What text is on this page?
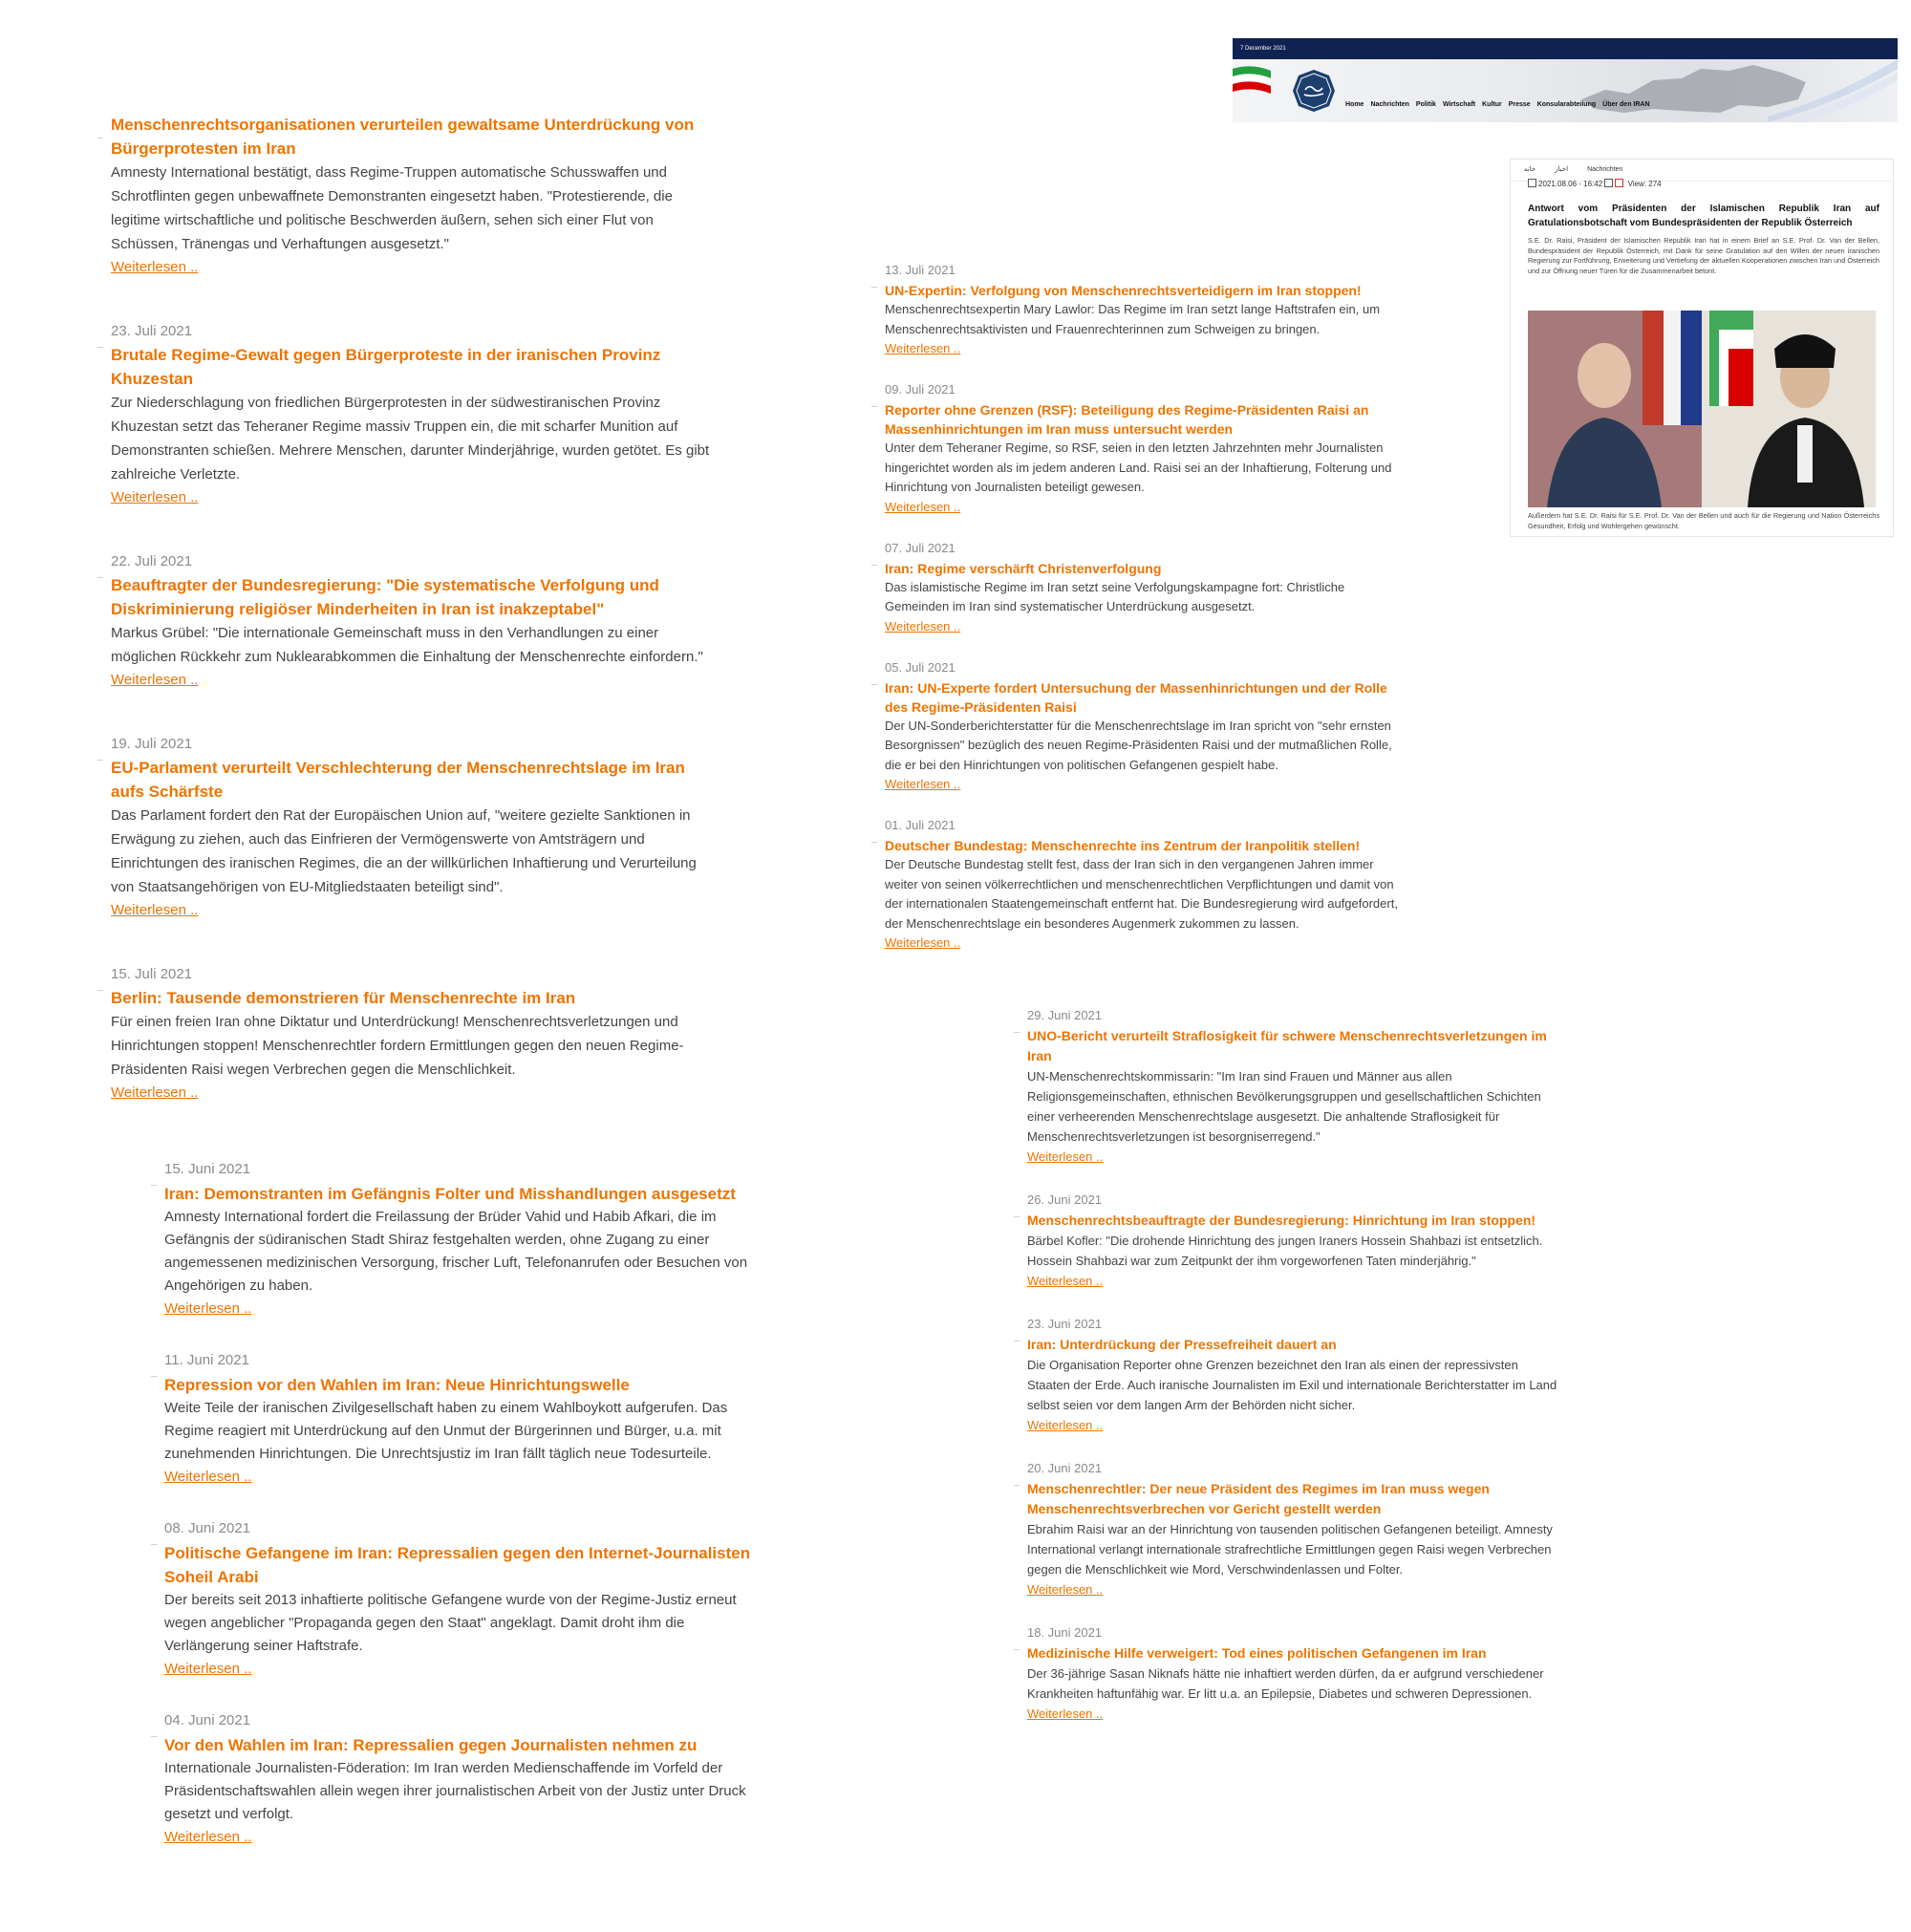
Menschenrechtsorganisationen verurteilen gewaltsame Unterdrückung von Bürgerprotesten im Iran
Amnesty International bestätigt, dass Regime-Truppen automatische Schusswaffen und Schrotflinten gegen unbewaffnete Demonstranten eingesetzt haben. "Protestierende, die legitime wirtschaftliche und politische Beschwerden äußern, sehen sich einer Flut von Schüssen, Tränengas und Verhaftungen ausgesetzt."
Weiterlesen ..
23. Juli 2021
Brutale Regime-Gewalt gegen Bürgerproteste in der iranischen Provinz Khuzestan
Zur Niederschlagung von friedlichen Bürgerprotesten in der südwestiranischen Provinz Khuzestan setzt das Teheraner Regime massiv Truppen ein, die mit scharfer Munition auf Demonstranten schießen. Mehrere Menschen, darunter Minderjährige, wurden getötet. Es gibt zahlreiche Verletzte.
Weiterlesen ..
22. Juli 2021
Beauftragter der Bundesregierung: "Die systematische Verfolgung und Diskriminierung religiöser Minderheiten in Iran ist inakzeptabel"
Markus Grübel: "Die internationale Gemeinschaft muss in den Verhandlungen zu einer möglichen Rückkehr zum Nuklearabkommen die Einhaltung der Menschenrechte einfordern."
Weiterlesen ..
19. Juli 2021
EU-Parlament verurteilt Verschlechterung der Menschenrechtslage im Iran aufs Schärfste
Das Parlament fordert den Rat der Europäischen Union auf, "weitere gezielte Sanktionen in Erwägung zu ziehen, auch das Einfrieren der Vermögenswerte von Amtsträgern und Einrichtungen des iranischen Regimes, die an der willkürlichen Inhaftierung und Verurteilung von Staatsangehörigen von EU-Mitgliedstaaten beteiligt sind".
Weiterlesen ..
15. Juli 2021
Berlin: Tausende demonstrieren für Menschenrechte im Iran
Für einen freien Iran ohne Diktatur und Unterdrückung! Menschenrechtsverletzungen und Hinrichtungen stoppen! Menschenrechtler fordern Ermittlungen gegen den neuen Regime-Präsidenten Raisi wegen Verbrechen gegen die Menschlichkeit.
Weiterlesen ..
13. Juli 2021
UN-Expertin: Verfolgung von Menschenrechtsverteidigern im Iran stoppen!
Menschenrechtsexpertin Mary Lawlor: Das Regime im Iran setzt lange Haftstrafen ein, um Menschenrechtsaktivisten und Frauenrechterinnen zum Schweigen zu bringen.
Weiterlesen ..
09. Juli 2021
Reporter ohne Grenzen (RSF): Beteiligung des Regime-Präsidenten Raisi an Massenhinrichtungen im Iran muss untersucht werden
Unter dem Teheraner Regime, so RSF, seien in den letzten Jahrzehnten mehr Journalisten hingerichtet worden als im jedem anderen Land. Raisi sei an der Inhaftierung, Folterung und Hinrichtung von Journalisten beteiligt gewesen.
Weiterlesen ..
07. Juli 2021
Iran: Regime verschärft Christenverfolgung
Das islamistische Regime im Iran setzt seine Verfolgungskampagne fort: Christliche Gemeinden im Iran sind systematischer Unterdrückung ausgesetzt.
Weiterlesen ..
05. Juli 2021
Iran: UN-Experte fordert Untersuchung der Massenhinrichtungen und der Rolle des Regime-Präsidenten Raisi
Der UN-Sonderberichterstatter für die Menschenrechtslage im Iran spricht von "sehr ernsten Besorgnissen" bezüglich des neuen Regime-Präsidenten Raisi und der mutmaßlichen Rolle, die er bei den Hinrichtungen von politischen Gefangenen gespielt habe.
Weiterlesen ..
01. Juli 2021
Deutscher Bundestag: Menschenrechte ins Zentrum der Iranpolitik stellen!
Der Deutsche Bundestag stellt fest, dass der Iran sich in den vergangenen Jahren immer weiter von seinen völkerrechtlichen und menschenrechtlichen Verpflichtungen und damit von der internationalen Staatengemeinschaft entfernt hat. Die Bundesregierung wird aufgefordert, der Menschenrechtslage ein besonderes Augenmerk zukommen zu lassen.
Weiterlesen ..
15. Juni 2021
Iran: Demonstranten im Gefängnis Folter und Misshandlungen ausgesetzt
Amnesty International fordert die Freilassung der Brüder Vahid und Habib Afkari, die im Gefängnis der südiranischen Stadt Shiraz festgehalten werden, ohne Zugang zu einer angemessenen medizinischen Versorgung, frischer Luft, Telefonanrufen oder Besuchen von Angehörigen zu haben.
Weiterlesen ..
11. Juni 2021
Repression vor den Wahlen im Iran: Neue Hinrichtungswelle
Weite Teile der iranischen Zivilgesellschaft haben zu einem Wahlboykott aufgerufen. Das Regime reagiert mit Unterdrückung auf den Unmut der Bürgerinnen und Bürger, u.a. mit zunehmenden Hinrichtungen. Die Unrechtsjustiz im Iran fällt täglich neue Todesurteile.
Weiterlesen ..
08. Juni 2021
Politische Gefangene im Iran: Repressalien gegen den Internet-Journalisten Soheil Arabi
Der bereits seit 2013 inhaftierte politische Gefangene wurde von der Regime-Justiz erneut wegen angeblicher "Propaganda gegen den Staat" angeklagt. Damit droht ihm die Verlängerung seiner Haftstrafe.
Weiterlesen ..
04. Juni 2021
Vor den Wahlen im Iran: Repressalien gegen Journalisten nehmen zu
Internationale Journalisten-Föderation: Im Iran werden Medienschaffende im Vorfeld der Präsidentschaftswahlen allein wegen ihrer journalistischen Arbeit von der Justiz unter Druck gesetzt und verfolgt.
Weiterlesen ..
29. Juni 2021
UNO-Bericht verurteilt Straflosigkeit für schwere Menschenrechtsverletzungen im Iran
UN-Menschenrechtskommissarin: "Im Iran sind Frauen und Männer aus allen Religionsgemeinschaften, ethnischen Bevölkerungsgruppen und gesellschaftlichen Schichten einer verheerenden Menschenrechtslage ausgesetzt. Die anhaltende Straflosigkeit für Menschenrechtsverletzungen ist besorgniserregend."
Weiterlesen ..
26. Juni 2021
Menschenrechtsbeauftragte der Bundesregierung: Hinrichtung im Iran stoppen!
Bärbel Kofler: "Die drohende Hinrichtung des jungen Iraners Hossein Shahbazi ist entsetzlich. Hossein Shahbazi war zum Zeitpunkt der ihm vorgeworfenen Taten minderjährig."
Weiterlesen ..
23. Juni 2021
Iran: Unterdrückung der Pressefreiheit dauert an
Die Organisation Reporter ohne Grenzen bezeichnet den Iran als einen der repressivsten Staaten der Erde. Auch iranische Journalisten im Exil und internationale Berichterstatter im Land selbst seien vor dem langen Arm der Behörden nicht sicher.
Weiterlesen ..
20. Juni 2021
Menschenrechtler: Der neue Präsident des Regimes im Iran muss wegen Menschenrechtsverbrechen vor Gericht gestellt werden
Ebrahim Raisi war an der Hinrichtung von tausenden politischen Gefangenen beteiligt. Amnesty International verlangt internationale strafrechtliche Ermittlungen gegen Raisi wegen Verbrechen gegen die Menschlichkeit wie Mord, Verschwindenlassen und Folter.
Weiterlesen ..
18. Juni 2021
Medizinische Hilfe verweigert: Tod eines politischen Gefangenen im Iran
Der 36-jährige Sasan Niknafs hätte nie inhaftiert werden dürfen, da er aufgrund verschiedener Krankheiten haftunfähig war. Er litt u.a. an Epilepsie, Diabetes und schweren Depressionen.
Weiterlesen ..
7 December 2021
Home Nachrichten Politik Wirtschaft Kultur Presse Konsularabteilung Über den IRAN
خانه	اخبار	Nachrichten
2021.08.06 - 16:42	View: 274
Antwort vom Präsidenten der Islamischen Republik Iran auf Gratulationsbotschaft vom Bundespräsidenten der Republik Österreich
S.E. Dr. Raisi, Präsident der Islamischen Republik Iran hat in einem Brief an S.E. Prof. Dr. Van der Bellen, Bundespräsident der Republik Österreich, mit Dank für seine Gratulation auf den Willen der neuen iranischen Regierung zur Fortführung, Erweiterung und Vertiefung der aktuellen Kooperationen zwischen Iran und Österreich und zur Öffnung neuer Türen für die Zusammenarbeit betont.
Außerdem hat S.E. Dr. Raisi für S.E. Prof. Dr. Van der Bellen und auch für die Regierung und Nation Österreichs Gesundheit, Erfolg und Wohlergehen gewünscht.
